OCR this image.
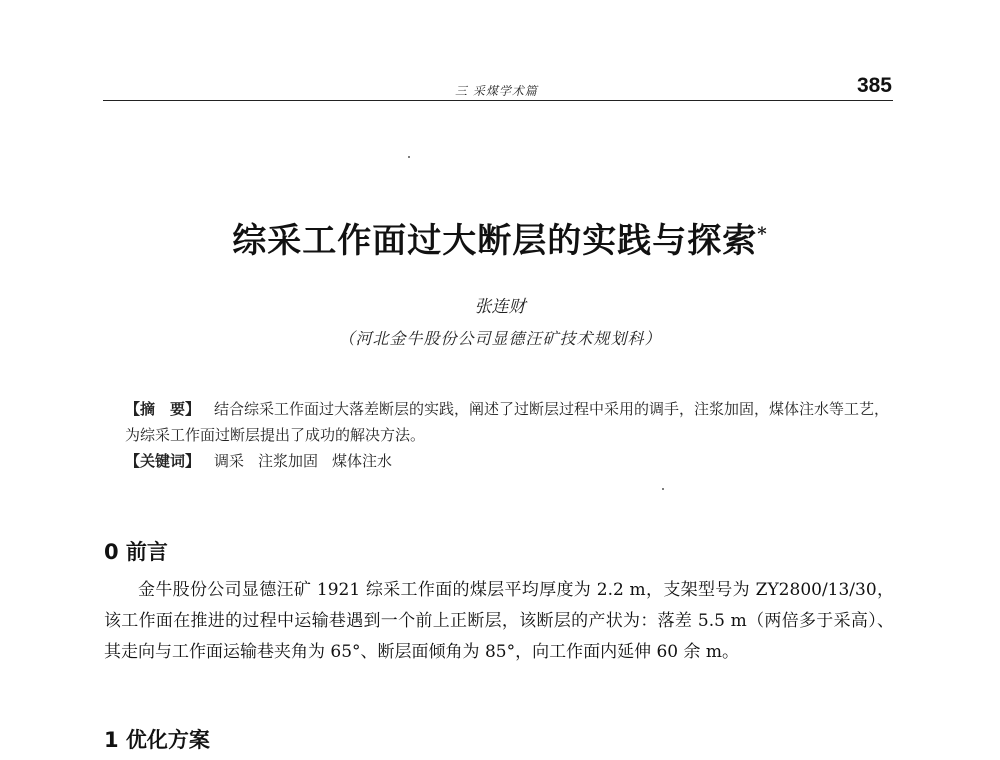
三 采煤学术篇	385
综采工作面过大断层的实践与探索*
张连财
（河北金牛股份公司显德汪矿技术规划科）
【摘　要】 结合综采工作面过大落差断层的实践，阐述了过断层过程中采用的调手，注浆加固，煤体注水等工艺，为综采工作面过断层提出了成功的解决方法。
【关键词】 调采 注浆加固 煤体注水
0 前言

金牛股份公司显德汪矿 1921 综采工作面的煤层平均厚度为 2.2 m，支架型号为 ZY2800/13/30，该工作面在推进的过程中运输巷遇到一个前上正断层，该断层的产状为：落差 5.5 m（两倍多于采高）、其走向与工作面运输巷夹角为 65°、断层面倾角为 85°，向工作面内延伸 60 余 m。

1 优化方案
